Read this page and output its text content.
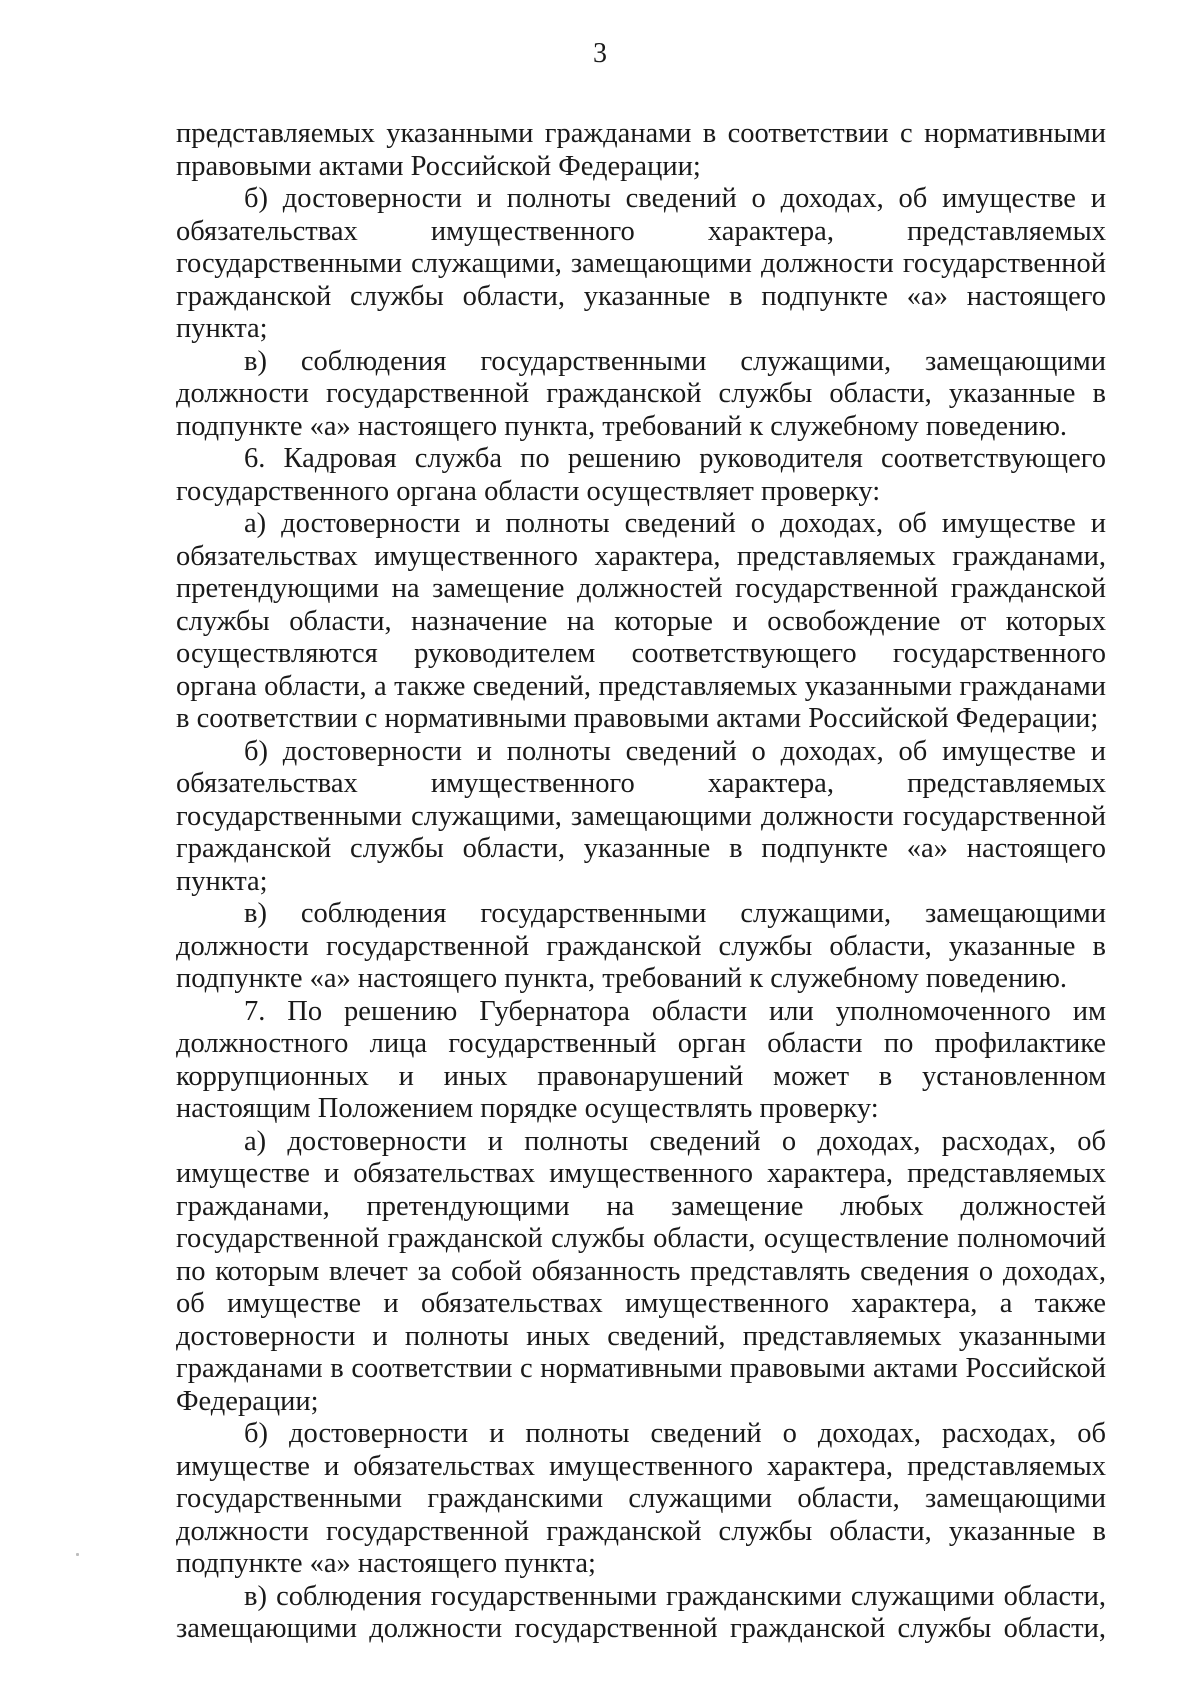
3

представляемых указанными гражданами в соответствии с нормативными правовыми актами Российской Федерации;

б) достоверности и полноты сведений о доходах, об имуществе и обязательствах имущественного характера, представляемых государственными служащими, замещающими должности государственной гражданской службы области, указанные в подпункте «а» настоящего пункта;

в) соблюдения государственными служащими, замещающими должности государственной гражданской службы области, указанные в подпункте «а» настоящего пункта, требований к служебному поведению.

6. Кадровая служба по решению руководителя соответствующего государственного органа области осуществляет проверку:

а) достоверности и полноты сведений о доходах, об имуществе и обязательствах имущественного характера, представляемых гражданами, претендующими на замещение должностей государственной гражданской службы области, назначение на которые и освобождение от которых осуществляются руководителем соответствующего государственного органа области, а также сведений, представляемых указанными гражданами в соответствии с нормативными правовыми актами Российской Федерации;

б) достоверности и полноты сведений о доходах, об имуществе и обязательствах имущественного характера, представляемых государственными служащими, замещающими должности государственной гражданской службы области, указанные в подпункте «а» настоящего пункта;

в) соблюдения государственными служащими, замещающими должности государственной гражданской службы области, указанные в подпункте «а» настоящего пункта, требований к служебному поведению.

7. По решению Губернатора области или уполномоченного им должностного лица государственный орган области по профилактике коррупционных и иных правонарушений может в установленном настоящим Положением порядке осуществлять проверку:

а) достоверности и полноты сведений о доходах, расходах, об имуществе и обязательствах имущественного характера, представляемых гражданами, претендующими на замещение любых должностей государственной гражданской службы области, осуществление полномочий по которым влечет за собой обязанность представлять сведения о доходах, об имуществе и обязательствах имущественного характера, а также достоверности и полноты иных сведений, представляемых указанными гражданами в соответствии с нормативными правовыми актами Российской Федерации;

б) достоверности и полноты сведений о доходах, расходах, об имуществе и обязательствах имущественного характера, представляемых государственными гражданскими служащими области, замещающими должности государственной гражданской службы области, указанные в подпункте «а» настоящего пункта;

в) соблюдения государственными гражданскими служащими области, замещающими должности государственной гражданской службы области,
